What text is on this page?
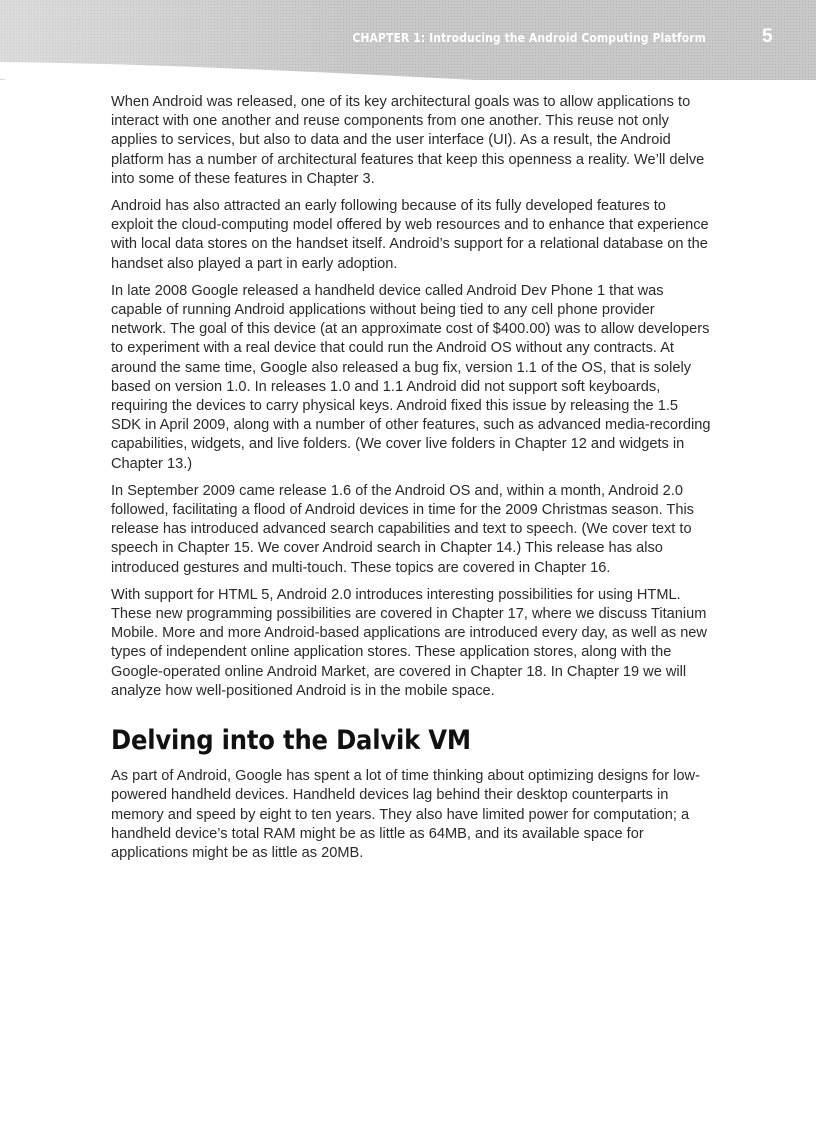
CHAPTER 1: Introducing the Android Computing Platform	5

When Android was released, one of its key architectural goals was to allow applications to interact with one another and reuse components from one another. This reuse not only applies to services, but also to data and the user interface (UI). As a result, the Android platform has a number of architectural features that keep this openness a reality. We’ll delve into some of these features in Chapter 3.

Android has also attracted an early following because of its fully developed features to exploit the cloud-computing model offered by web resources and to enhance that experience with local data stores on the handset itself. Android’s support for a relational database on the handset also played a part in early adoption.

In late 2008 Google released a handheld device called Android Dev Phone 1 that was capable of running Android applications without being tied to any cell phone provider network. The goal of this device (at an approximate cost of $400.00) was to allow developers to experiment with a real device that could run the Android OS without any contracts. At around the same time, Google also released a bug fix, version 1.1 of the OS, that is solely based on version 1.0. In releases 1.0 and 1.1 Android did not support soft keyboards, requiring the devices to carry physical keys. Android fixed this issue by releasing the 1.5 SDK in April 2009, along with a number of other features, such as advanced media-recording capabilities, widgets, and live folders. (We cover live folders in Chapter 12 and widgets in Chapter 13.)

In September 2009 came release 1.6 of the Android OS and, within a month, Android 2.0 followed, facilitating a flood of Android devices in time for the 2009 Christmas season. This release has introduced advanced search capabilities and text to speech. (We cover text to speech in Chapter 15. We cover Android search in Chapter 14.) This release has also introduced gestures and multi-touch. These topics are covered in Chapter 16.

With support for HTML 5, Android 2.0 introduces interesting possibilities for using HTML. These new programming possibilities are covered in Chapter 17, where we discuss Titanium Mobile. More and more Android-based applications are introduced every day, as well as new types of independent online application stores. These application stores, along with the Google-operated online Android Market, are covered in Chapter 18. In Chapter 19 we will analyze how well-positioned Android is in the mobile space.

Delving into the Dalvik VM

As part of Android, Google has spent a lot of time thinking about optimizing designs for low-powered handheld devices. Handheld devices lag behind their desktop counterparts in memory and speed by eight to ten years. They also have limited power for computation; a handheld device’s total RAM might be as little as 64MB, and its available space for applications might be as little as 20MB.
